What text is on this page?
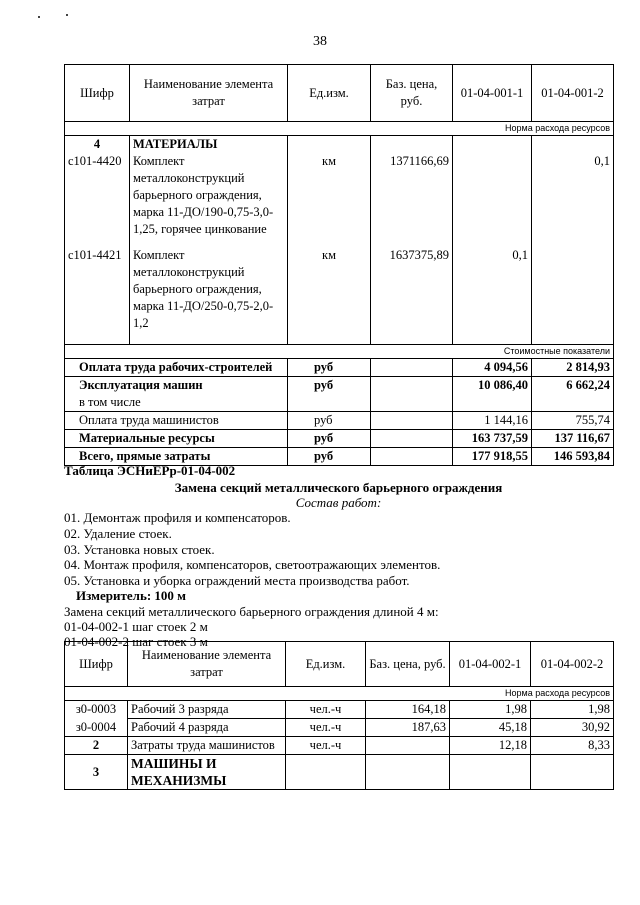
38
Шифр	Наименование элемента затрат	Ед.изм.	Баз. цена, руб.	01-04-001-1	01-04-001-2
Норма расхода ресурсов					
4	МАТЕРИАЛЫ				
с101-4420	Комплект металлоконструкций барьерного ограждения, марка 11-ДО/190-0,75-3,0-1,25, горячее цинкование	км	1371166,69		0,1
с101-4421	Комплект металлоконструкций барьерного ограждения, марка 11-ДО/250-0,75-2,0-1,2	км	1637375,89	0,1	
Стоимостные показатели					
Оплата труда рабочих-строителей		руб		4 094,56	2 814,93
Эксплуатация машин		руб		10 086,40	6 662,24
в том числе					
Оплата труда машинистов		руб		1 144,16	755,74
Материальные ресурсы		руб		163 737,59	137 116,67
Всего, прямые затраты		руб		177 918,55	146 593,84
Таблица ЭСНиЕРр-01-04-002
Замена секций металлического барьерного ограждения
Состав работ:
01. Демонтаж профиля и компенсаторов.
02. Удаление стоек.
03. Установка новых стоек.
04. Монтаж профиля, компенсаторов, светоотражающих элементов.
05. Установка и уборка ограждений места производства работ.
Измеритель: 100 м
Замена секций металлического барьерного ограждения длиной 4 м:
01-04-002-1 шаг стоек 2 м
01-04-002-2 шаг стоек 3 м
Шифр	Наименование элемента затрат	Ед.изм.	Баз. цена, руб.	01-04-002-1	01-04-002-2
Норма расхода ресурсов					
з0-0003	Рабочий 3 разряда	чел.-ч	164,18	1,98	1,98
з0-0004	Рабочий 4 разряда	чел.-ч	187,63	45,18	30,92
2	Затраты труда машинистов	чел.-ч		12,18	8,33
3	МАШИНЫ И МЕХАНИЗМЫ				
